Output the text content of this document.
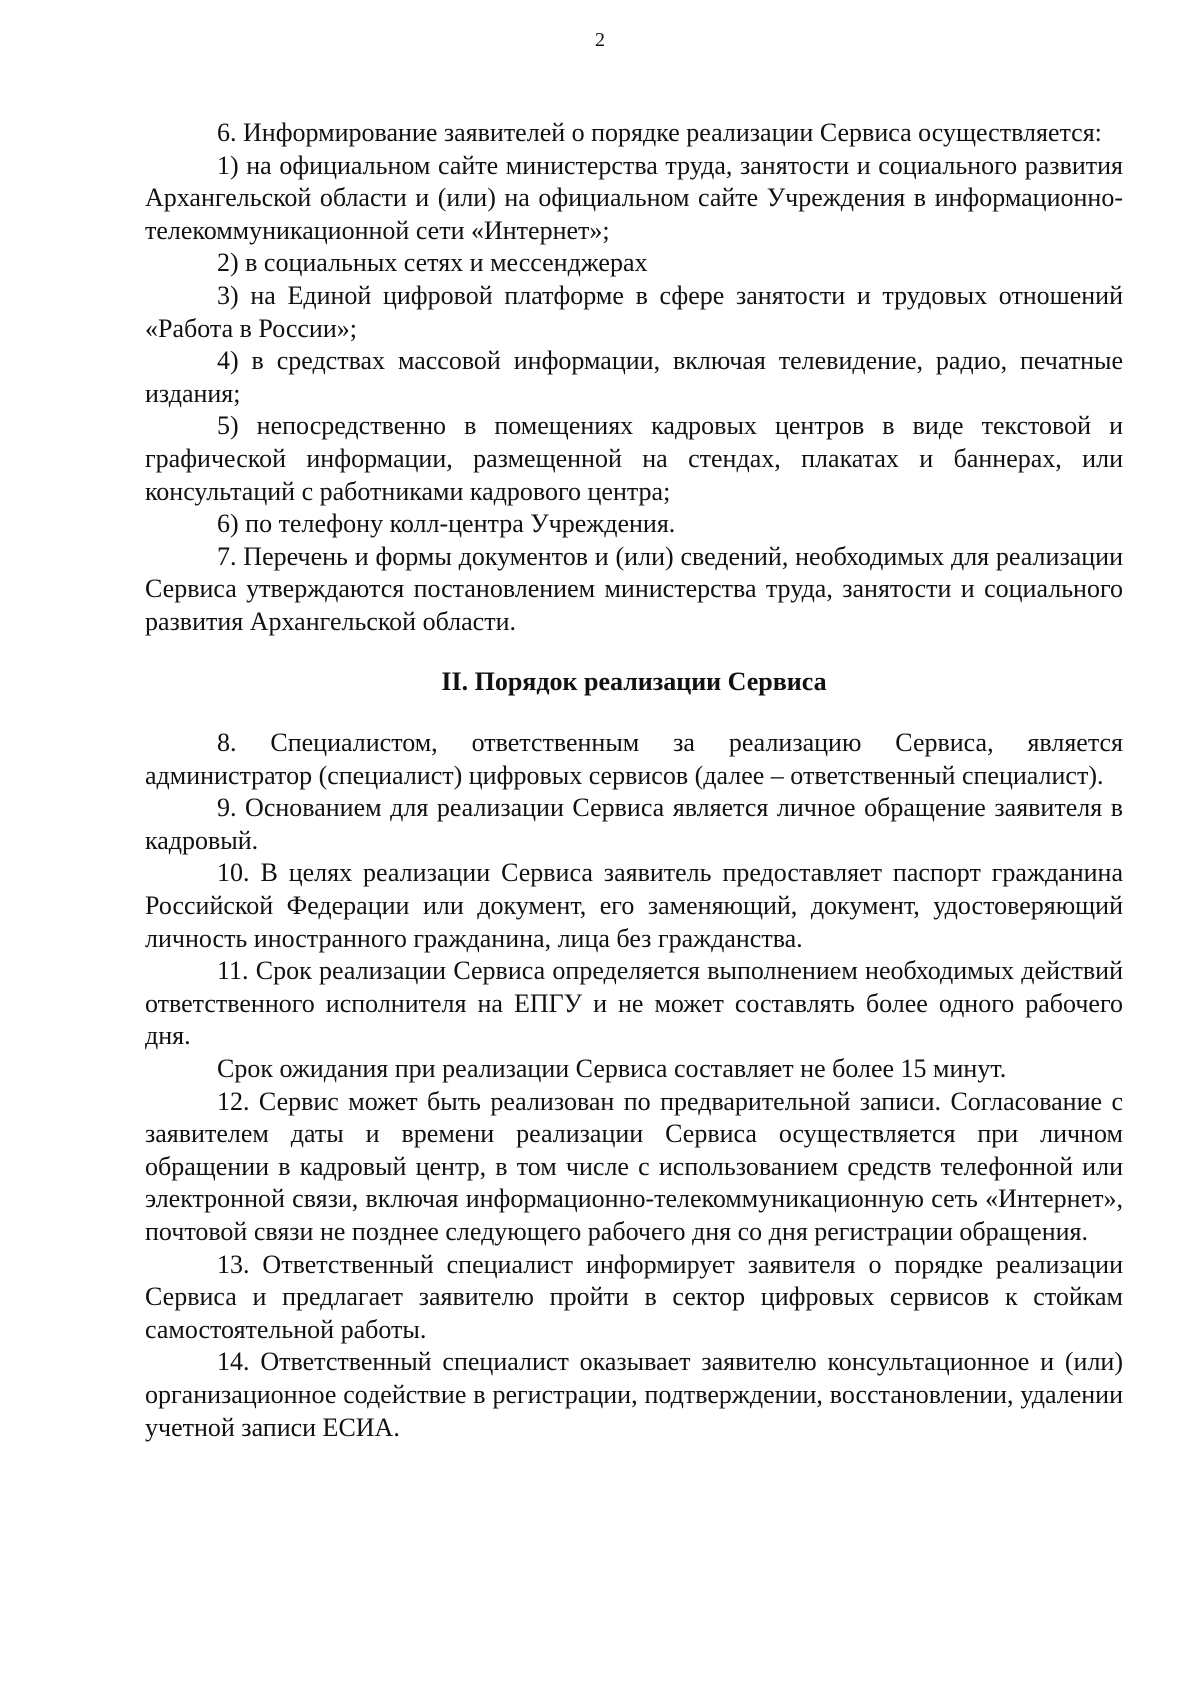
2

6. Информирование заявителей о порядке реализации Сервиса осуществляется:

1) на официальном сайте министерства труда, занятости и социального развития Архангельской области и (или) на официальном сайте Учреждения в информационно-телекоммуникационной сети «Интернет»;

2) в социальных сетях и мессенджерах

3) на Единой цифровой платформе в сфере занятости и трудовых отношений «Работа в России»;

4) в средствах массовой информации, включая телевидение, радио, печатные издания;

5) непосредственно в помещениях кадровых центров в виде текстовой и графической информации, размещенной на стендах, плакатах и баннерах, или консультаций с работниками кадрового центра;

6) по телефону колл-центра Учреждения.

7. Перечень и формы документов и (или) сведений, необходимых для реализации Сервиса утверждаются постановлением министерства труда, занятости и социального развития Архангельской области.

II. Порядок реализации Сервиса

8. Специалистом, ответственным за реализацию Сервиса, является администратор (специалист) цифровых сервисов (далее – ответственный специалист).

9. Основанием для реализации Сервиса является личное обращение заявителя в кадровый.

10. В целях реализации Сервиса заявитель предоставляет паспорт гражданина Российской Федерации или документ, его заменяющий, документ, удостоверяющий личность иностранного гражданина, лица без гражданства.

11. Срок реализации Сервиса определяется выполнением необходимых действий ответственного исполнителя на ЕПГУ и не может составлять более одного рабочего дня.

Срок ожидания при реализации Сервиса составляет не более 15 минут.

12. Сервис может быть реализован по предварительной записи. Согласование с заявителем даты и времени реализации Сервиса осуществляется при личном обращении в кадровый центр, в том числе с использованием средств телефонной или электронной связи, включая информационно-телекоммуникационную сеть «Интернет», почтовой связи не позднее следующего рабочего дня со дня регистрации обращения.

13. Ответственный специалист информирует заявителя о порядке реализации Сервиса и предлагает заявителю пройти в сектор цифровых сервисов к стойкам самостоятельной работы.

14. Ответственный специалист оказывает заявителю консультационное и (или) организационное содействие в регистрации, подтверждении, восстановлении, удалении учетной записи ЕСИА.
